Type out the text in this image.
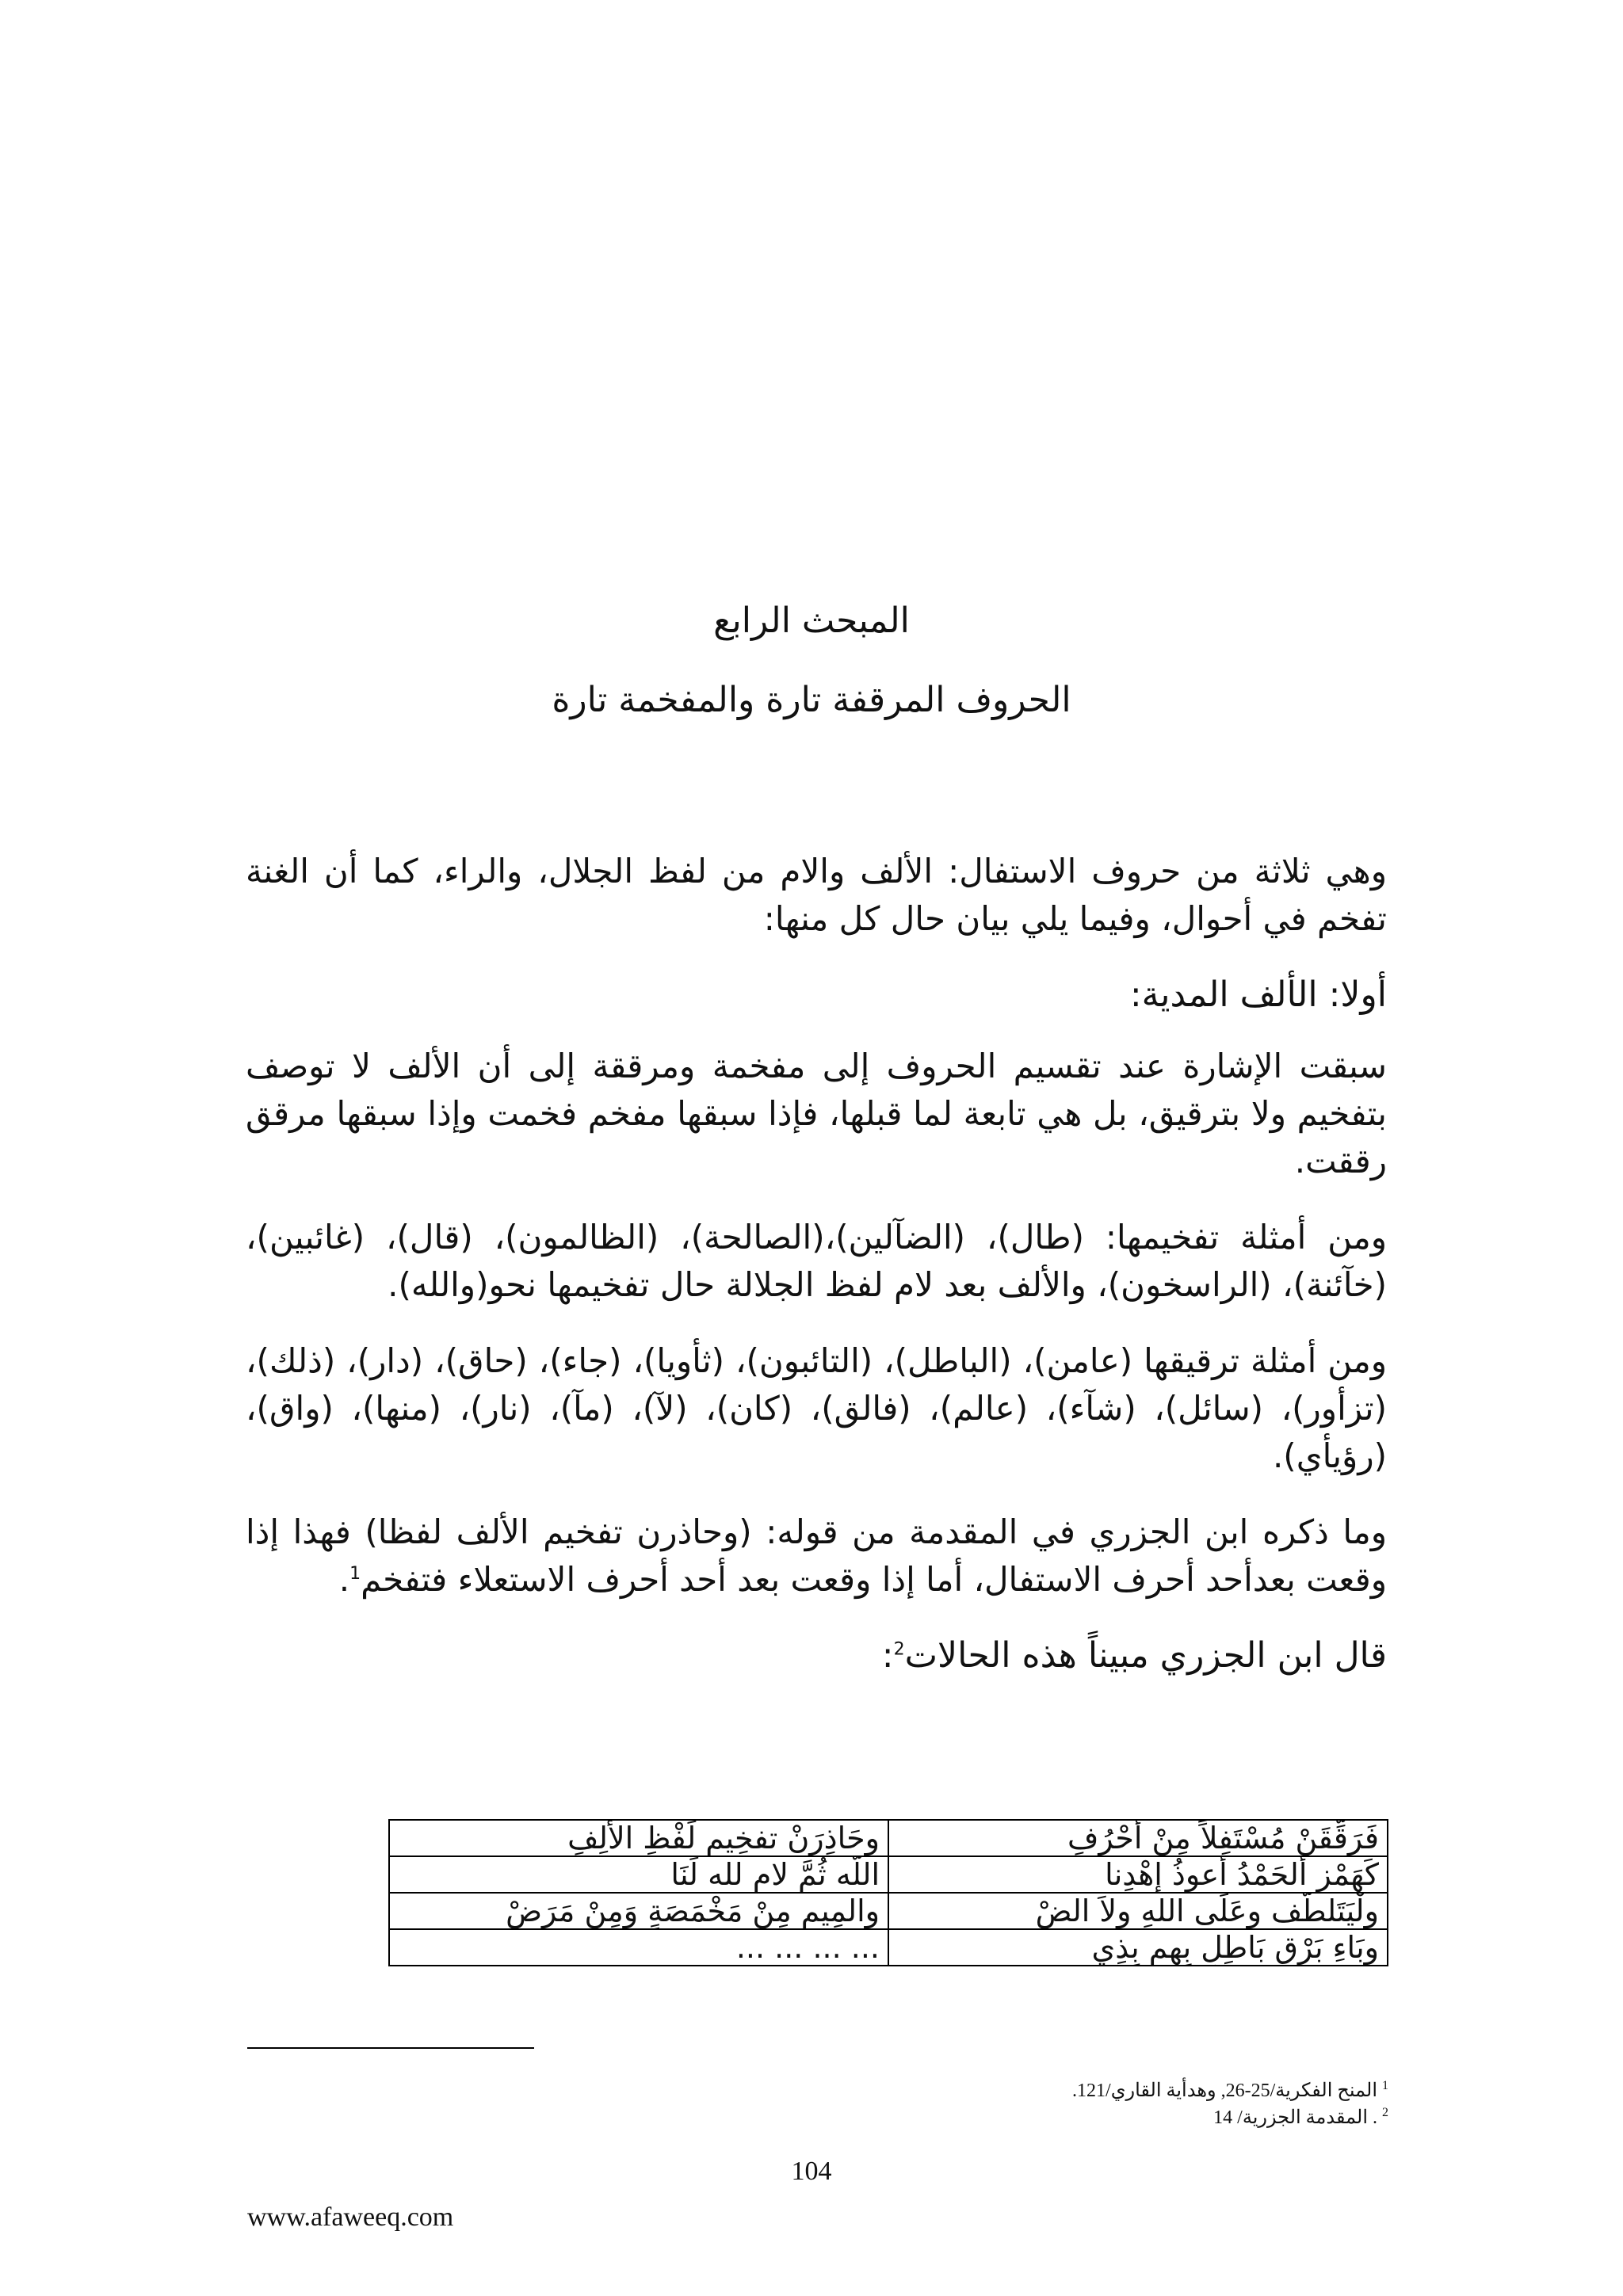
المبحث الرابع
الحروف المرقفة تارة والمفخمة تارة

وهي ثلاثة من حروف الاستفال: الألف والام من لفظ الجلال، والراء، كما أن الغنة تفخم في أحوال، وفيما يلي بيان حال كل منها:

أولا: الألف المدية:

سبقت الإشارة عند تقسيم الحروف إلى مفخمة ومرققة إلى أن الألف لا توصف بتفخيم ولا بترقيق، بل هي تابعة لما قبلها، فإذا سبقها مفخم فخمت وإذا سبقها مرقق رققت.

ومن أمثلة تفخيمها: (طال)، (الضآلين)،(الصالحة)، (الظالمون)، (قال)، (غائبين)، (خآئنة)، (الراسخون)، والألف بعد لام لفظ الجلالة حال تفخيمها نحو(والله).

ومن أمثلة ترقيقها (عامن)، (الباطل)، (التائبون)، (ثأويا)، (جاء)، (حاق)، (دار)، (ذلك)، (تزأور)، (سائل)، (شآء)، (عالم)، (فالق)، (كان)، (لآ)، (مآ)، (نار)، (منها)، (واق)، (رؤيأي).

وما ذكره ابن الجزري في المقدمة من قوله: (وحاذرن تفخيم الألف لفظا) فهذا إذا وقعت بعدأحد أحرف الاستفال، أما إذا وقعت بعد أحد أحرف الاستعلاء فتفخم$^1$.

قال ابن الجزري مبيناً هذه الحالات$^2$:

فَرَقِّقَنْ مُسْتَفِلاً مِنْ أَحْرُفِ	وحَاذِرَنْ تفخِيم لَفْظِ الألِفِ
كَهَمْزِ ألحَمْدُ أَعوذُ إهْدِنا	اللَّه ثُمَّ لام لله لَنَا
ولْيَتَلطَّف وعَلَى اللهِ ولاَ الضْ	والمِيم مِنْ مَخْمَصَةٍ وَمِنْ مَرَضْ
وبَاءِ بَرْقٍ بَاطِلٍ بِهِم بِذِي	... ... ... ...
$^1$ المنح الفكرية/25-26, وهدأية القاري/121.
$^2$ . المقدمة الجزرية/ 14
104
www.afaweeq.com
